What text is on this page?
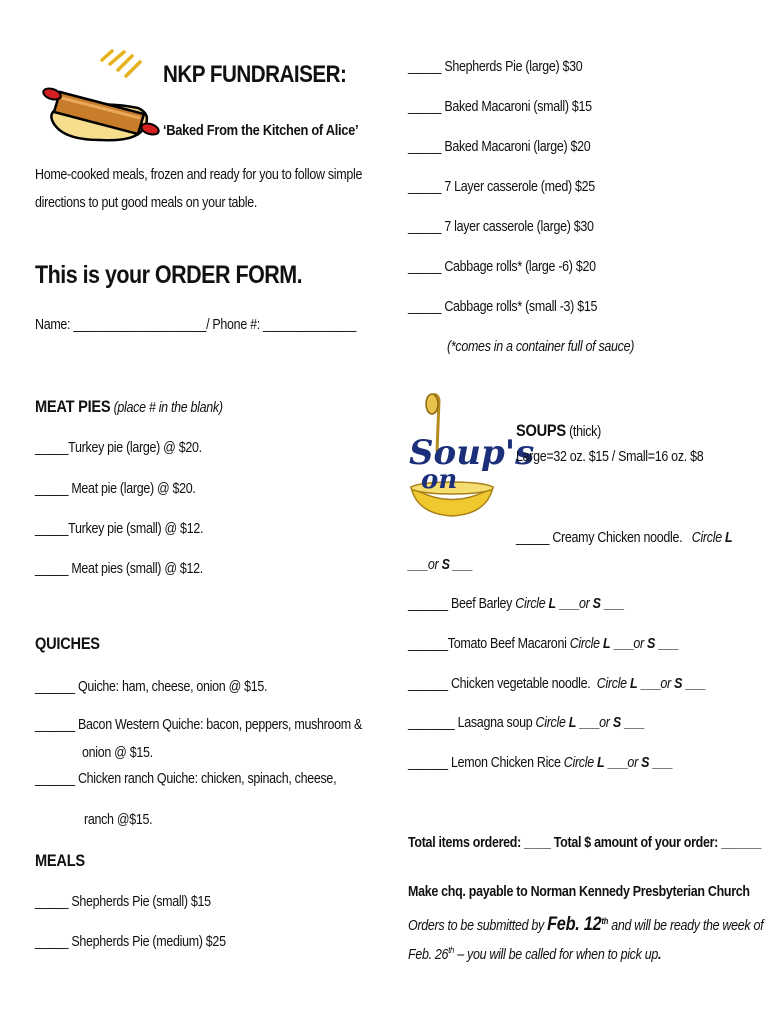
NKP FUNDRAISER:
‘Baked From the Kitchen of Alice’
Home-cooked meals, frozen and ready for you to follow simple
directions to put good meals on your table.
This is your ORDER FORM.
Name: ____________________/ Phone #: ______________
MEAT PIES (place # in the blank)
_____Turkey pie (large) @ $20.
_____ Meat pie (large) @ $20.
_____Turkey pie (small) @ $12.
_____ Meat pies (small) @ $12.
QUICHES
______ Quiche: ham, cheese, onion @ $15.
______ Bacon Western Quiche: bacon, peppers, mushroom &
onion @ $15.
______ Chicken ranch Quiche: chicken, spinach, cheese,
ranch @$15.
MEALS
_____ Shepherds Pie (small) $15
_____ Shepherds Pie (medium) $25
_____ Shepherds Pie (large) $30
_____ Baked Macaroni (small) $15
_____ Baked Macaroni (large) $20
_____ 7 Layer casserole (med) $25
_____ 7 layer casserole (large) $30
_____ Cabbage rolls* (large -6) $20
_____ Cabbage rolls* (small -3) $15
(*comes in a container full of sauce)
Soup's
on
SOUPS (thick)
Large=32 oz. $15 / Small=16 oz. $8
_____ Creamy Chicken noodle. Circle L
___or S ___
______ Beef Barley Circle L ___or S ___
______Tomato Beef Macaroni Circle L ___or S ___
______ Chicken vegetable noodle. Circle L ___or S ___
_______ Lasagna soup Circle L ___or S ___
______ Lemon Chicken Rice Circle L ___or S ___
Total items ordered: ____ Total $ amount of your order: ______
Make chq. payable to Norman Kennedy Presbyterian Church
Orders to be submitted by Feb. 12th and will be ready the week of
Feb. 26th – you will be called for when to pick up.
